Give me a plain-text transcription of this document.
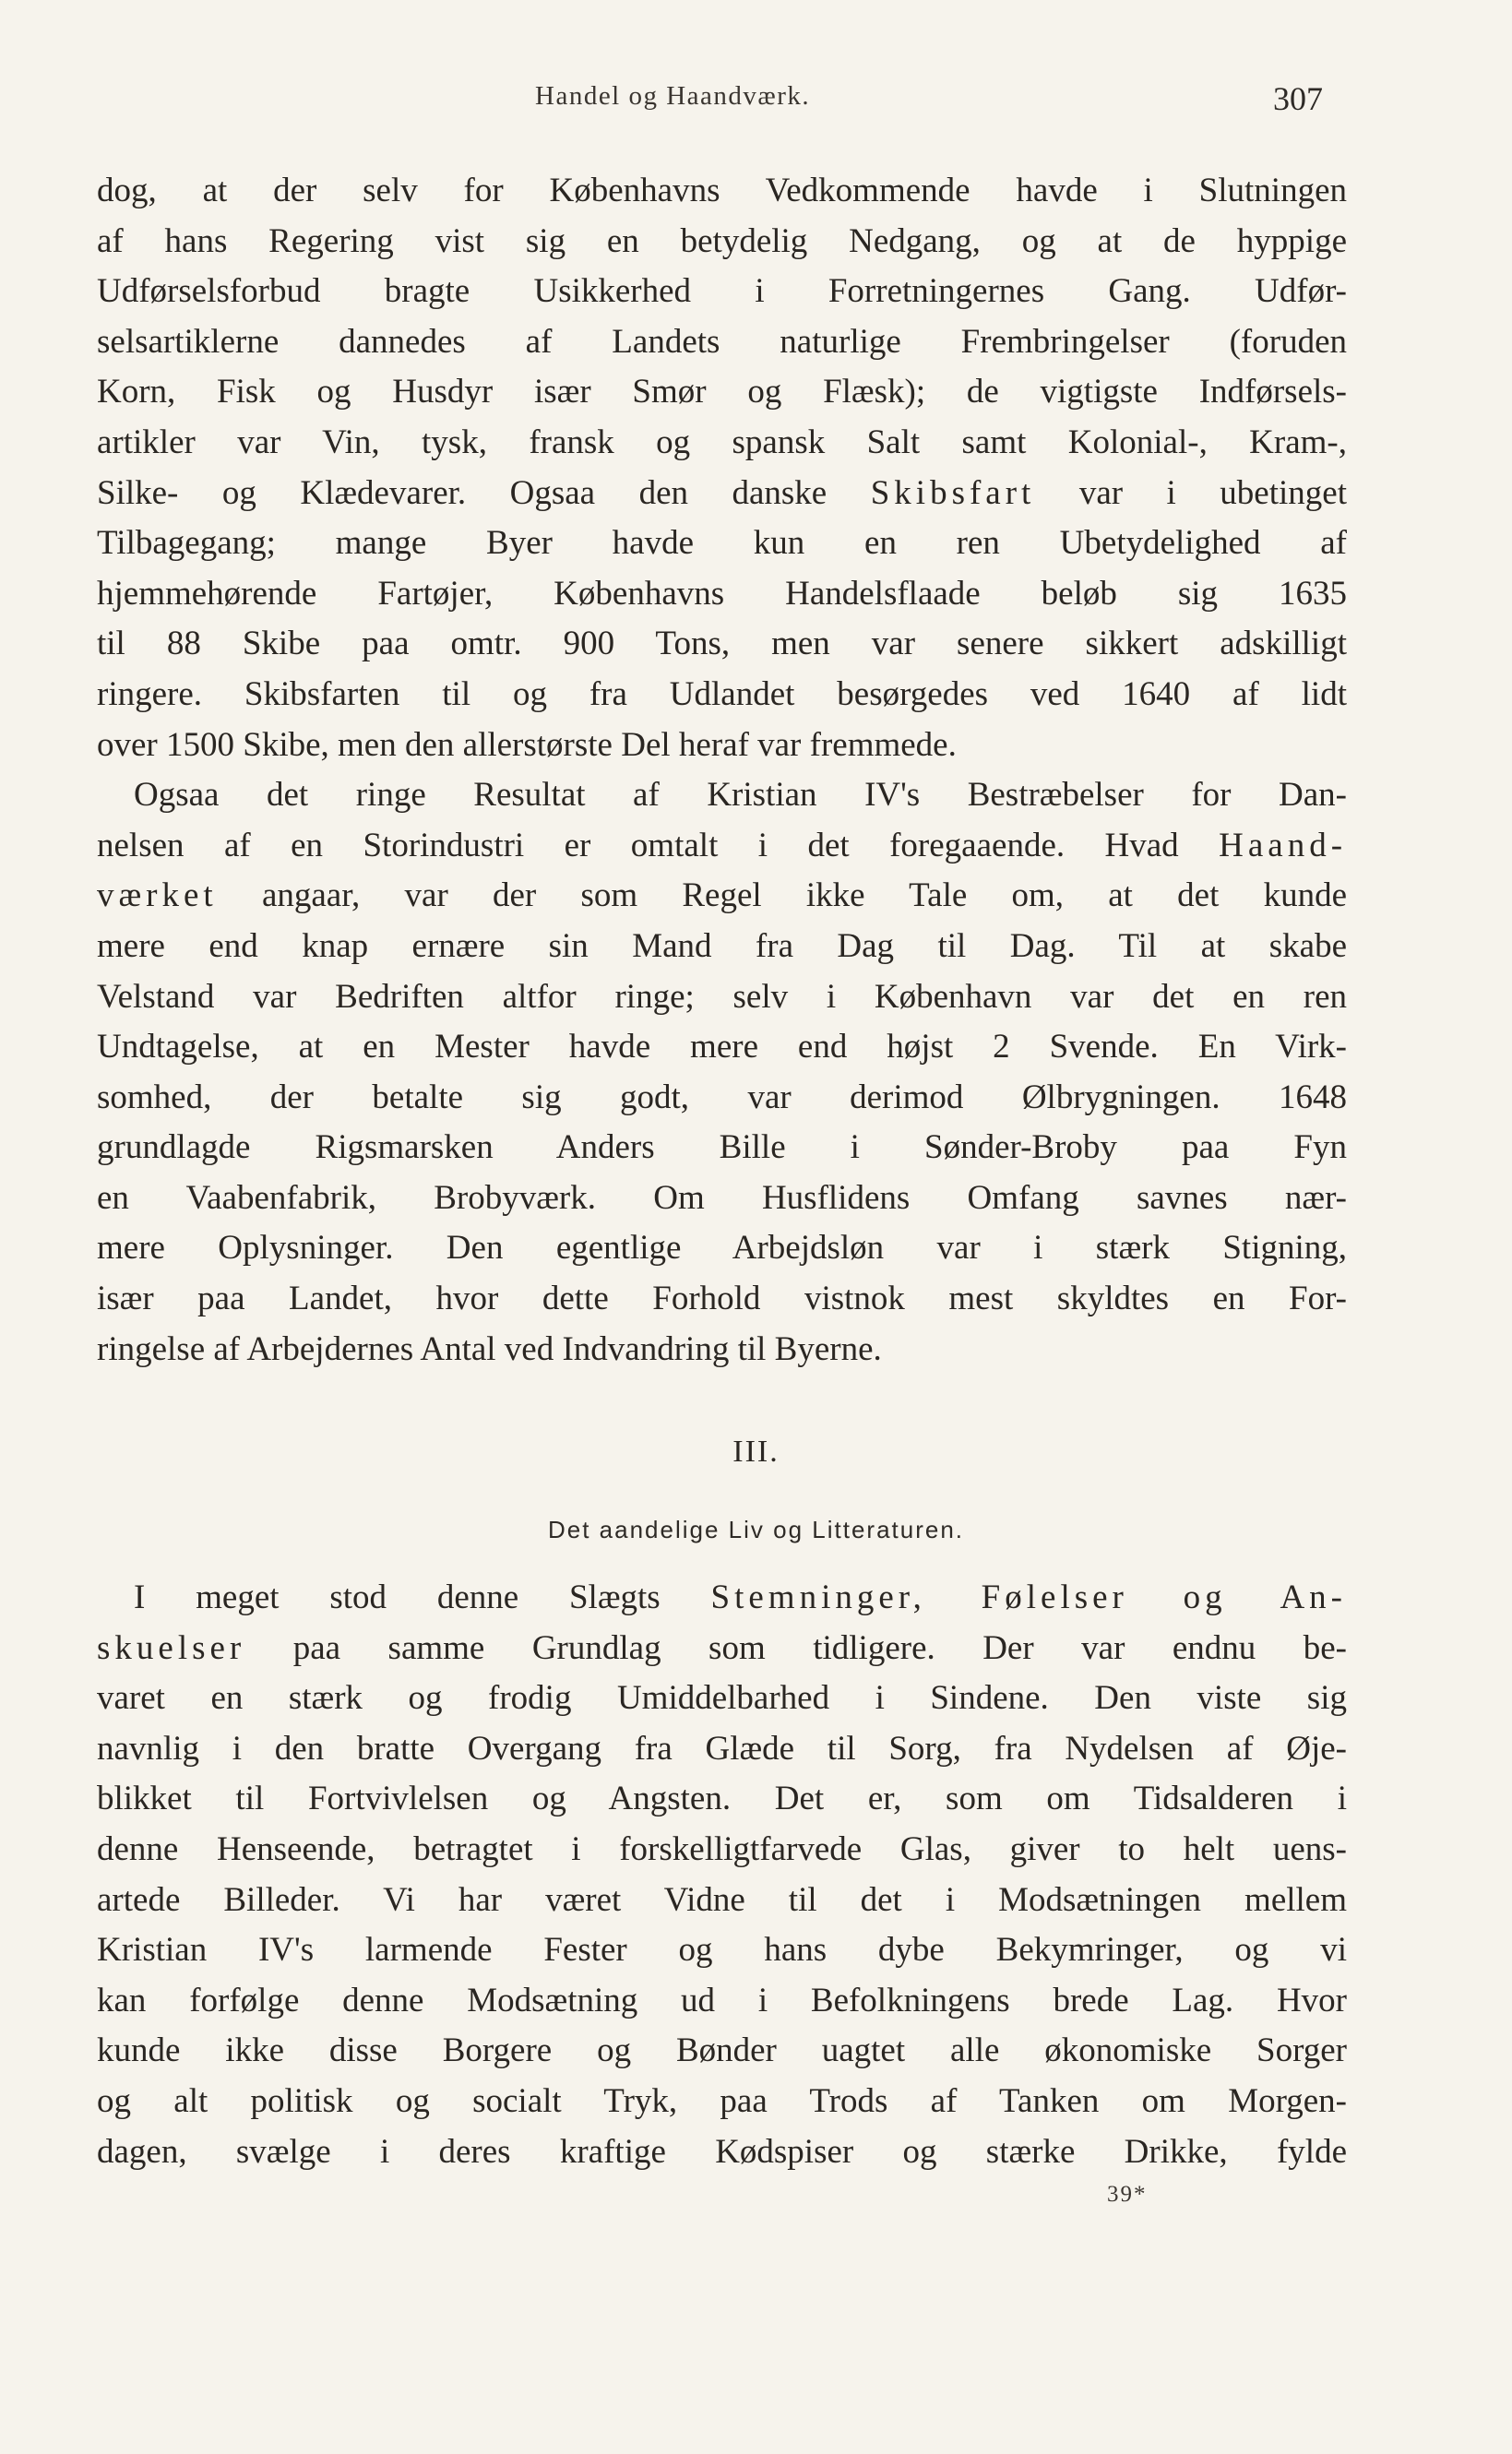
Handel og Haandværk.	307

dog, at der selv for Københavns Vedkommende havde i Slutningen
af hans Regering vist sig en betydelig Nedgang, og at de hyppige
Udførselsforbud bragte Usikkerhed i Forretningernes Gang. Udfør-
selsartiklerne dannedes af Landets naturlige Frembringelser (foruden
Korn, Fisk og Husdyr især Smør og Flæsk); de vigtigste Indførsels-
artikler var Vin, tysk, fransk og spansk Salt samt Kolonial-, Kram-,
Silke- og Klædevarer. Ogsaa den danske Skibsfart var i ubetinget
Tilbagegang; mange Byer havde kun en ren Ubetydelighed af
hjemmehørende Fartøjer, Københavns Handelsflaade beløb sig 1635
til 88 Skibe paa omtr. 900 Tons, men var senere sikkert adskilligt
ringere. Skibsfarten til og fra Udlandet besørgedes ved 1640 af lidt
over 1500 Skibe, men den allerstørste Del heraf var fremmede.

Ogsaa det ringe Resultat af Kristian IV's Bestræbelser for Dan-
nelsen af en Storindustri er omtalt i det foregaaende. Hvad Haand-
værket angaar, var der som Regel ikke Tale om, at det kunde
mere end knap ernære sin Mand fra Dag til Dag. Til at skabe
Velstand var Bedriften altfor ringe; selv i København var det en ren
Undtagelse, at en Mester havde mere end højst 2 Svende. En Virk-
somhed, der betalte sig godt, var derimod Ølbrygningen. 1648
grundlagde Rigsmarsken Anders Bille i Sønder-Broby paa Fyn
en Vaabenfabrik, Brobyværk. Om Husflidens Omfang savnes nær-
mere Oplysninger. Den egentlige Arbejdsløn var i stærk Stigning,
især paa Landet, hvor dette Forhold vistnok mest skyldtes en For-
ringelse af Arbejdernes Antal ved Indvandring til Byerne.

III.
Det aandelige Liv og Litteraturen.

I meget stod denne Slægts Stemninger, Følelser og An-
skuelser paa samme Grundlag som tidligere. Der var endnu be-
varet en stærk og frodig Umiddelbarhed i Sindene. Den viste sig
navnlig i den bratte Overgang fra Glæde til Sorg, fra Nydelsen af Øje-
blikket til Fortvivlelsen og Angsten. Det er, som om Tidsalderen i
denne Henseende, betragtet i forskelligtfarvede Glas, giver to helt uens-
artede Billeder. Vi har været Vidne til det i Modsætningen mellem
Kristian IV's larmende Fester og hans dybe Bekymringer, og vi
kan forfølge denne Modsætning ud i Befolkningens brede Lag. Hvor
kunde ikke disse Borgere og Bønder uagtet alle økonomiske Sorger
og alt politisk og socialt Tryk, paa Trods af Tanken om Morgen-
dagen, svælge i deres kraftige Kødspiser og stærke Drikke, fylde

39*
